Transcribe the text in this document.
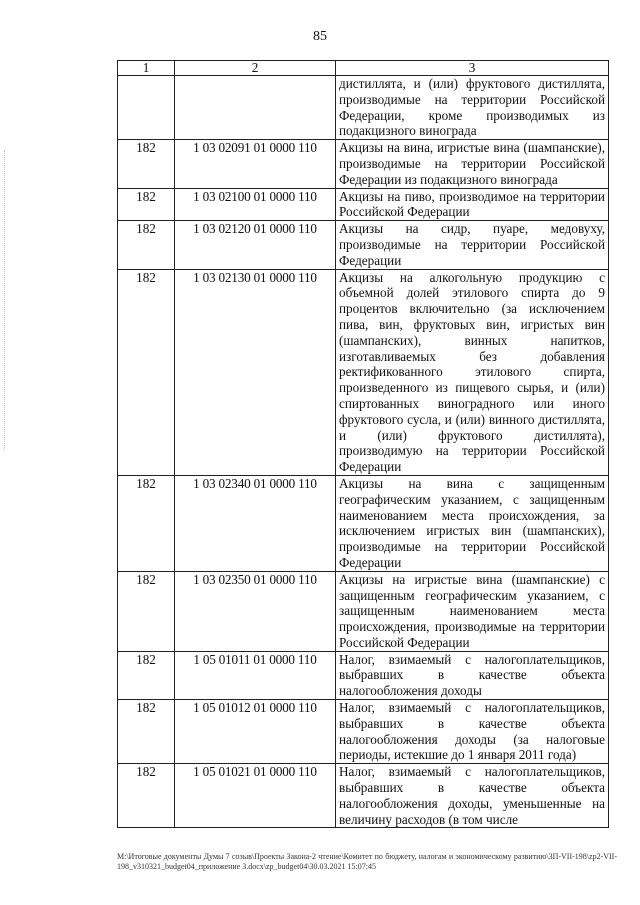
85
1	2	3
		дистиллята, и (или) фруктового дистиллята, производимые на территории Российской Федерации, кроме производимых из подакцизного винограда
182	1 03 02091 01 0000 110	Акцизы на вина, игристые вина (шампанские), производимые на территории Российской Федерации из подакцизного винограда
182	1 03 02100 01 0000 110	Акцизы на пиво, производимое на территории Российской Федерации
182	1 03 02120 01 0000 110	Акцизы на сидр, пуаре, медовуху, производимые на территории Российской Федерации
182	1 03 02130 01 0000 110	Акцизы на алкогольную продукцию с объемной долей этилового спирта до 9 процентов включительно (за исключением пива, вин, фруктовых вин, игристых вин (шампанских), винных напитков, изготавливаемых без добавления ректификованного этилового спирта, произведенного из пищевого сырья, и (или) спиртованных виноградного или иного фруктового сусла, и (или) винного дистиллята, и (или) фруктового дистиллята), производимую на территории Российской Федерации
182	1 03 02340 01 0000 110	Акцизы на вина с защищенным географическим указанием, с защищенным наименованием места происхождения, за исключением игристых вин (шампанских), производимые на территории Российской Федерации
182	1 03 02350 01 0000 110	Акцизы на игристые вина (шампанские) с защищенным географическим указанием, с защищенным наименованием места происхождения, производимые на территории Российской Федерации
182	1 05 01011 01 0000 110	Налог, взимаемый с налогоплательщиков, выбравших в качестве объекта налогообложения доходы
182	1 05 01012 01 0000 110	Налог, взимаемый с налогоплательщиков, выбравших в качестве объекта налогообложения доходы (за налоговые периоды, истекшие до 1 января 2011 года)
182	1 05 01021 01 0000 110	Налог, взимаемый с налогоплательщиков, выбравших в качестве объекта налогообложения доходы, уменьшенные на величину расходов (в том числе
M:\Итоговые документы Думы 7 созыв\Проекты Закона-2 чтение\Комитет по бюджету, налогам и экономическому развитию\ЗП-VII-198\zp2-VII-198_v310321_budget04_приложение 3.docx\zp_budget04\30.03.2021 15:07:45
